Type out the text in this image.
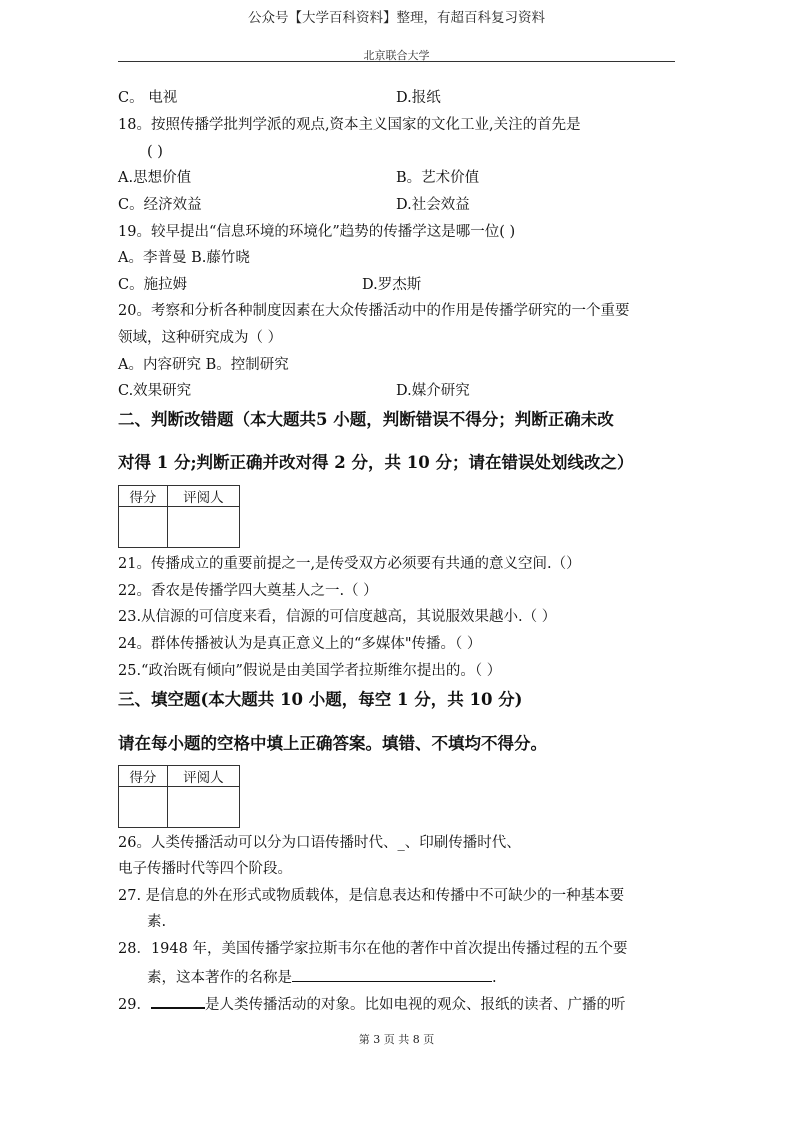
公众号【大学百科资料】整理，有超百科复习资料
北京联合大学
C。 电视	D.报纸
18。按照传播学批判学派的观点,资本主义国家的文化工业,关注的首先是
( )
A.思想价值	B。艺术价值
C。经济效益	D.社会效益
19。较早提出“信息环境的环境化”趋势的传播学这是哪一位( )
A。李普曼 B.藤竹晓
C。施拉姆	D.罗杰斯
20。考察和分析各种制度因素在大众传播活动中的作用是传播学研究的一个重要
领域，这种研究成为（ ）
A。内容研究 B。控制研究
C.效果研究	D.媒介研究
二、判断改错题（本大题共5 小题，判断错误不得分；判断正确未改
对得 1 分;判断正确并改对得 2 分，共 10 分；请在错误处划线改之）
得分	评阅人

21。传播成立的重要前提之一,是传受双方必须要有共通的意义空间.（）
22。香农是传播学四大奠基人之一.（ ）
23.从信源的可信度来看，信源的可信度越高，其说服效果越小.（ ）
24。群体传播被认为是真正意义上的“多媒体"传播。（ ）
25.“政治既有倾向”假说是由美国学者拉斯维尔提出的。（ ）
三、填空题(本大题共 10 小题，每空 1 分，共 10 分)
请在每小题的空格中填上正确答案。填错、不填均不得分。
得分	评阅人

26。人类传播活动可以分为口语传播时代、_、印刷传播时代、
电子传播时代等四个阶段。
27. 是信息的外在形式或物质载体，是信息表达和传播中不可缺少的一种基本要
素.
28．1948 年，美国传播学家拉斯韦尔在他的著作中首次提出传播过程的五个要
素，这本著作的名称是	.
29．	是人类传播活动的对象。比如电视的观众、报纸的读者、广播的听
第 3 页 共 8 页
